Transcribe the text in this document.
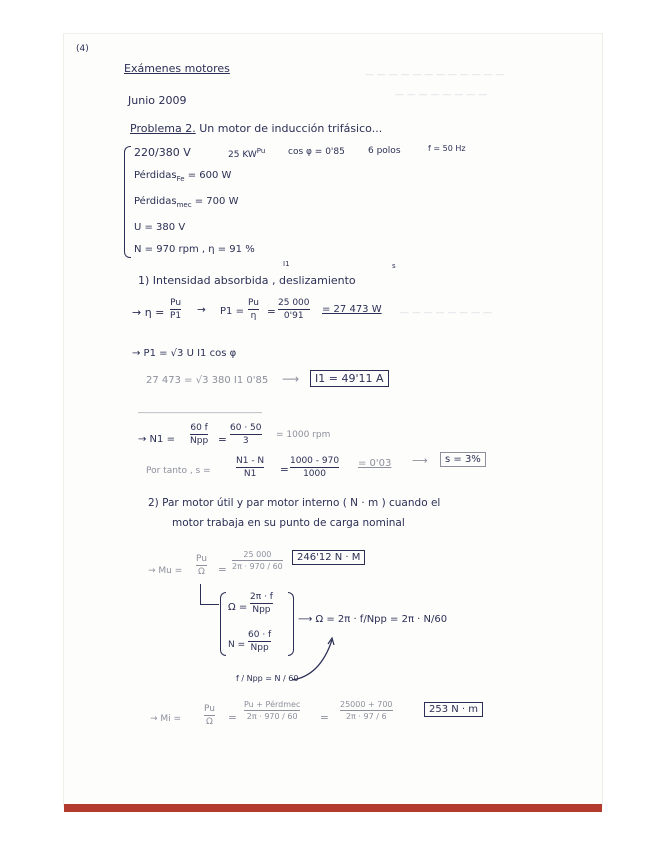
— — — — — — — — — — — —
— — — — — — — —
— — — — — — — —
(4)
Exámenes motores
Junio 2009
Problema 2. Un motor de inducción trifásico...
220/380 V	25 $KW^{Pu}$	cos φ = 0'85	6 polos	f = 50 Hz
Pérdidas$_{Fe}$ = 600 W
Pérdidas$_{mec}$ = 700 W
U = 380 V
N = 970 rpm , η = 91 %
I1	s
1) Intensidad absorbida , deslizamiento
→ η =
Pu
P1 → P1 =
Pu
η =
25 000
0'91
= 27 473 W
→ P1 = √3 U I1 cos φ
27 473 = √3 380 I1 0'85 ⟶	I1 = 49'11 A
_______________________________
→ N1 =
60 f
Npp =
60 · 50
3
= 1000 rpm
Por tanto , s =
N1 - N
N1 =
1000 - 970
1000
= 0'03 ⟶	s = 3%
2) Par motor útil y par motor interno ( N · m ) cuando el
motor trabaja en su punto de carga nominal
→ Mu =
Pu
Ω =
25 000
2π · 970 / 60
246'12 N · M
Ω =
2π · f
Npp
N =
60 · f
Npp
f / Npp = N / 60
⟶ Ω = 2π · f/Npp = 2π · N/60
→ Mi =
Pu
Ω =
Pu + Pérdmec
2π · 970 / 60 =
25000 + 700
2π · 97 / 6
253 N · m
